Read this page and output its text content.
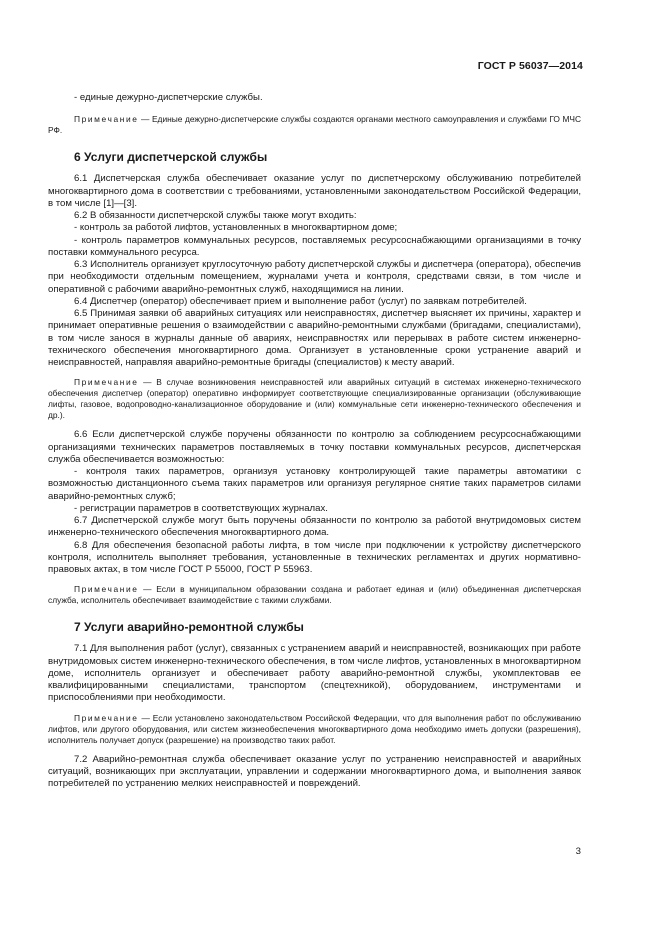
ГОСТ Р 56037—2014

- единые дежурно-диспетчерские службы.

Примечание — Единые дежурно-диспетчерские службы создаются органами местного самоуправления и службами ГО МЧС РФ.

6 Услуги диспетчерской службы

6.1 Диспетчерская служба обеспечивает оказание услуг по диспетчерскому обслуживанию потребителей многоквартирного дома в соответствии с требованиями, установленными законодательством Российской Федерации, в том числе [1]—[3].

6.2 В обязанности диспетчерской службы также могут входить:

- контроль за работой лифтов, установленных в многоквартирном доме;

- контроль параметров коммунальных ресурсов, поставляемых ресурсоснабжающими организациями в точку поставки коммунального ресурса.

6.3 Исполнитель организует круглосуточную работу диспетчерской службы и диспетчера (оператора), обеспечив при необходимости отдельным помещением, журналами учета и контроля, средствами связи, в том числе и оперативной с рабочими аварийно-ремонтных служб, находящимися на линии.

6.4 Диспетчер (оператор) обеспечивает прием и выполнение работ (услуг) по заявкам потребителей.

6.5 Принимая заявки об аварийных ситуациях или неисправностях, диспетчер выясняет их причины, характер и принимает оперативные решения о взаимодействии с аварийно-ремонтными службами (бригадами, специалистами), в том числе занося в журналы данные об авариях, неисправностях или перерывах в работе систем инженерно-технического обеспечения многоквартирного дома. Организует в установленные сроки устранение аварий и неисправностей, направляя аварийно-ремонтные бригады (специалистов) к месту аварий.

Примечание — В случае возникновения неисправностей или аварийных ситуаций в системах инженерно-технического обеспечения диспетчер (оператор) оперативно информирует соответствующие специализированные организации (обслуживающие лифты, газовое, водопроводно-канализационное оборудование и (или) коммунальные сети инженерно-технического обеспечения и др.).

6.6 Если диспетчерской службе поручены обязанности по контролю за соблюдением ресурсоснабжающими организациями технических параметров поставляемых в точку поставки коммунальных ресурсов, диспетчерская служба обеспечивается возможностью:

- контроля таких параметров, организуя установку контролирующей такие параметры автоматики с возможностью дистанционного съема таких параметров или организуя регулярное снятие таких параметров силами аварийно-ремонтных служб;

- регистрации параметров в соответствующих журналах.

6.7 Диспетчерской службе могут быть поручены обязанности по контролю за работой внутридомовых систем инженерно-технического обеспечения многоквартирного дома.

6.8 Для обеспечения безопасной работы лифта, в том числе при подключении к устройству диспетчерского контроля, исполнитель выполняет требования, установленные в технических регламентах и других нормативно-правовых актах, в том числе ГОСТ Р 55000, ГОСТ Р 55963.

Примечание — Если в муниципальном образовании создана и работает единая и (или) объединенная диспетчерская служба, исполнитель обеспечивает взаимодействие с такими службами.

7 Услуги аварийно-ремонтной службы

7.1 Для выполнения работ (услуг), связанных с устранением аварий и неисправностей, возникающих при работе внутридомовых систем инженерно-технического обеспечения, в том числе лифтов, установленных в многоквартирном доме, исполнитель организует и обеспечивает работу аварийно-ремонтной службы, укомплектовав ее квалифицированными специалистами, транспортом (спецтехникой), оборудованием, инструментами и приспособлениями при необходимости.

Примечание — Если установлено законодательством Российской Федерации, что для выполнения работ по обслуживанию лифтов, или другого оборудования, или систем жизнеобеспечения многоквартирного дома необходимо иметь допуски (разрешения), исполнитель получает допуск (разрешение) на производство таких работ.

7.2 Аварийно-ремонтная служба обеспечивает оказание услуг по устранению неисправностей и аварийных ситуаций, возникающих при эксплуатации, управлении и содержании многоквартирного дома, и выполнения заявок потребителей по устранению мелких неисправностей и повреждений.

3
